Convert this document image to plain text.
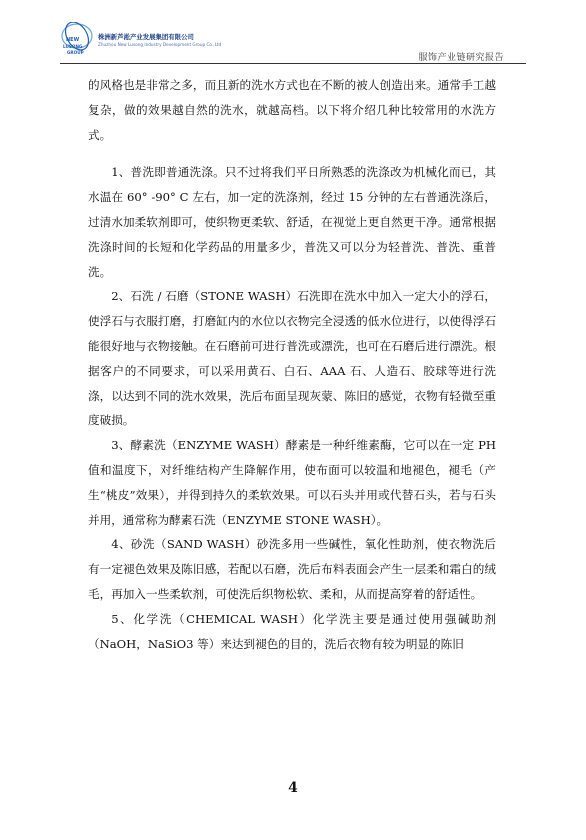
NEW
LUSONG
GROUP
株洲新芦淞产业发展集团有限公司
Zhuzhou New Lusong Industry Development Group Co.,Ltd
服饰产业链研究报告

的风格也是非常之多，而且新的洗水方式也在不断的被人创造出来。通常手工越复杂，做的效果越自然的洗水，就越高档。以下将介绍几种比较常用的水洗方式。

1、普洗即普通洗涤。只不过将我们平日所熟悉的洗涤改为机械化而已，其水温在 60° -90° C 左右，加一定的洗涤剂，经过 15 分钟的左右普通洗涤后，过清水加柔软剂即可，使织物更柔软、舒适，在视觉上更自然更干净。通常根据洗涤时间的长短和化学药品的用量多少，普洗又可以分为轻普洗、普洗、重普洗。

2、石洗 / 石磨（STONE WASH）石洗即在洗水中加入一定大小的浮石，使浮石与衣服打磨，打磨缸内的水位以衣物完全浸透的低水位进行，以使得浮石能很好地与衣物接触。在石磨前可进行普洗或漂洗，也可在石磨后进行漂洗。根据客户的不同要求，可以采用黄石、白石、AAA 石、人造石、胶球等进行洗涤，以达到不同的洗水效果，洗后布面呈现灰蒙、陈旧的感觉，衣物有轻微至重度破损。

3、酵素洗（ENZYME WASH）酵素是一种纤维素酶，它可以在一定 PH 值和温度下，对纤维结构产生降解作用，使布面可以较温和地褪色，褪毛（产生“桃皮”效果），并得到持久的柔软效果。可以石头并用或代替石头，若与石头并用，通常称为酵素石洗（ENZYME STONE WASH）。

4、砂洗（SAND WASH）砂洗多用一些碱性，氧化性助剂，使衣物洗后有一定褪色效果及陈旧感，若配以石磨，洗后布料表面会产生一层柔和霜白的绒毛，再加入一些柔软剂，可使洗后织物松软、柔和，从而提高穿着的舒适性。

5、化学洗（CHEMICAL WASH）化学洗主要是通过使用强碱助剂（NaOH，NaSiO3 等）来达到褪色的目的，洗后衣物有较为明显的陈旧

4
